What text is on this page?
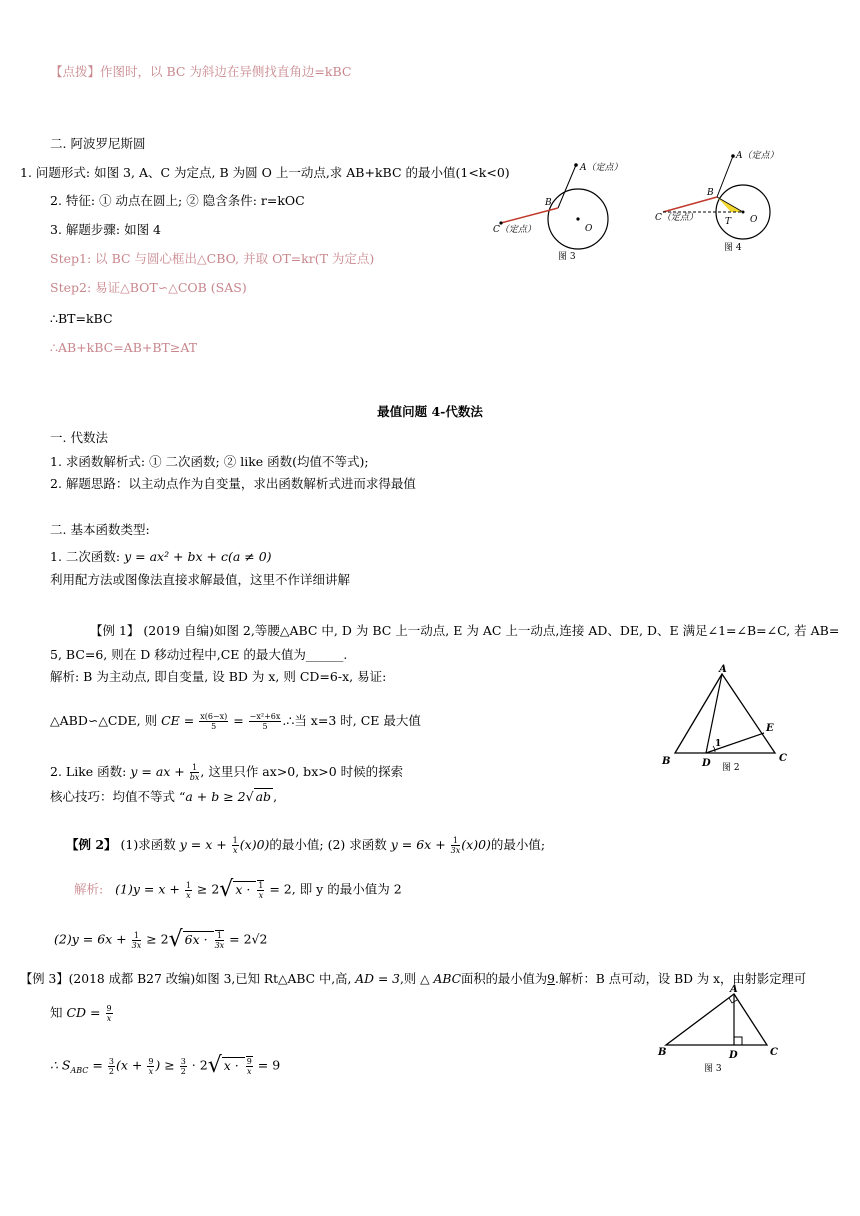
【点拨】作图时，以 BC 为斜边在异侧找直角边=kBC
二. 阿波罗尼斯圆
1. 问题形式: 如图 3, A、C 为定点, B 为圆 O 上一动点,求 AB+kBC 的最小值(1<k<0)
2. 特征: ① 动点在圆上; ② 隐含条件: r=kOC
3. 解题步骤: 如图 4
Step1: 以 BC 与圆心框出△CBO, 并取 OT=kr(T 为定点)
Step2: 易证△BOT∽△COB (SAS)
∴BT=kBC
∴AB+kBC=AB+BT≥AT
A（定点）
B
C（定点）	O
图 3
A（定点）
B
C（定点）	T O
图 4
最值问题 4-代数法
一. 代数法
1. 求函数解析式: ① 二次函数; ② like 函数(均值不等式);
2. 解题思路：以主动点作为自变量，求出函数解析式进而求得最值
二. 基本函数类型:
1. 二次函数: y = ax² + bx + c(a ≠ 0)
利用配方法或图像法直接求解最值，这里不作详细讲解
【例 1】 (2019 自编)如图 2,等腰△ABC 中, D 为 BC 上一动点, E 为 AC 上一动点,连接 AD、DE, D、E 满足∠1=∠B=∠C, 若 AB=
5, BC=6, 则在 D 移动过程中,CE 的最大值为______.
解析: B 为主动点, 即自变量, 设 BD 为 x, 则 CD=6-x, 易证:
△ABD∽△CDE, 则 CE = $\frac{x(6-x)}{5} = \frac{\text{−x²+6x}}{5}$ .∴当 x=3 时, CE 最大值
A
B	C
D
E
1
图 2
2. Like 函数: y = ax + $\frac{1}{bx}$ , 这里只作 ax>0, bx>0 时候的探索
核心技巧：均值不等式 “a + b ≥ 2√ ab ,
【例 2】 (1)求函数 $y = x + \frac{1}{x} (x)0$)的最小值; (2) 求函数 $y = 6x + \frac{1}{3x} (x)0$)的最小值;
解析: $(1)y = x + \frac{1}{x} \ge 2√$ $x \cdot \frac{1}{x} = 2$, 即 y 的最小值为 2
$(2)y = 6x + \frac{1}{3x} \ge 2√$ $6x \cdot \frac{1}{3x} = 2√2$
【例 3】(2018 成都 B27 改编)如图 3,已知 Rt△ABC 中,高, AD = 3,则 △ ABC面积的最小值为9.解析：B 点可动，设 BD 为 x，由射影定理可
知 CD = $\frac{9}{x}$
∴ $S_{ABC} = \frac{3}{2} (x + \frac{9}{x}$ ) ≥ $\frac{3}{2} \cdot 2√$ $x \cdot \frac{9}{x} = 9$
A
B	C
D
图 3
